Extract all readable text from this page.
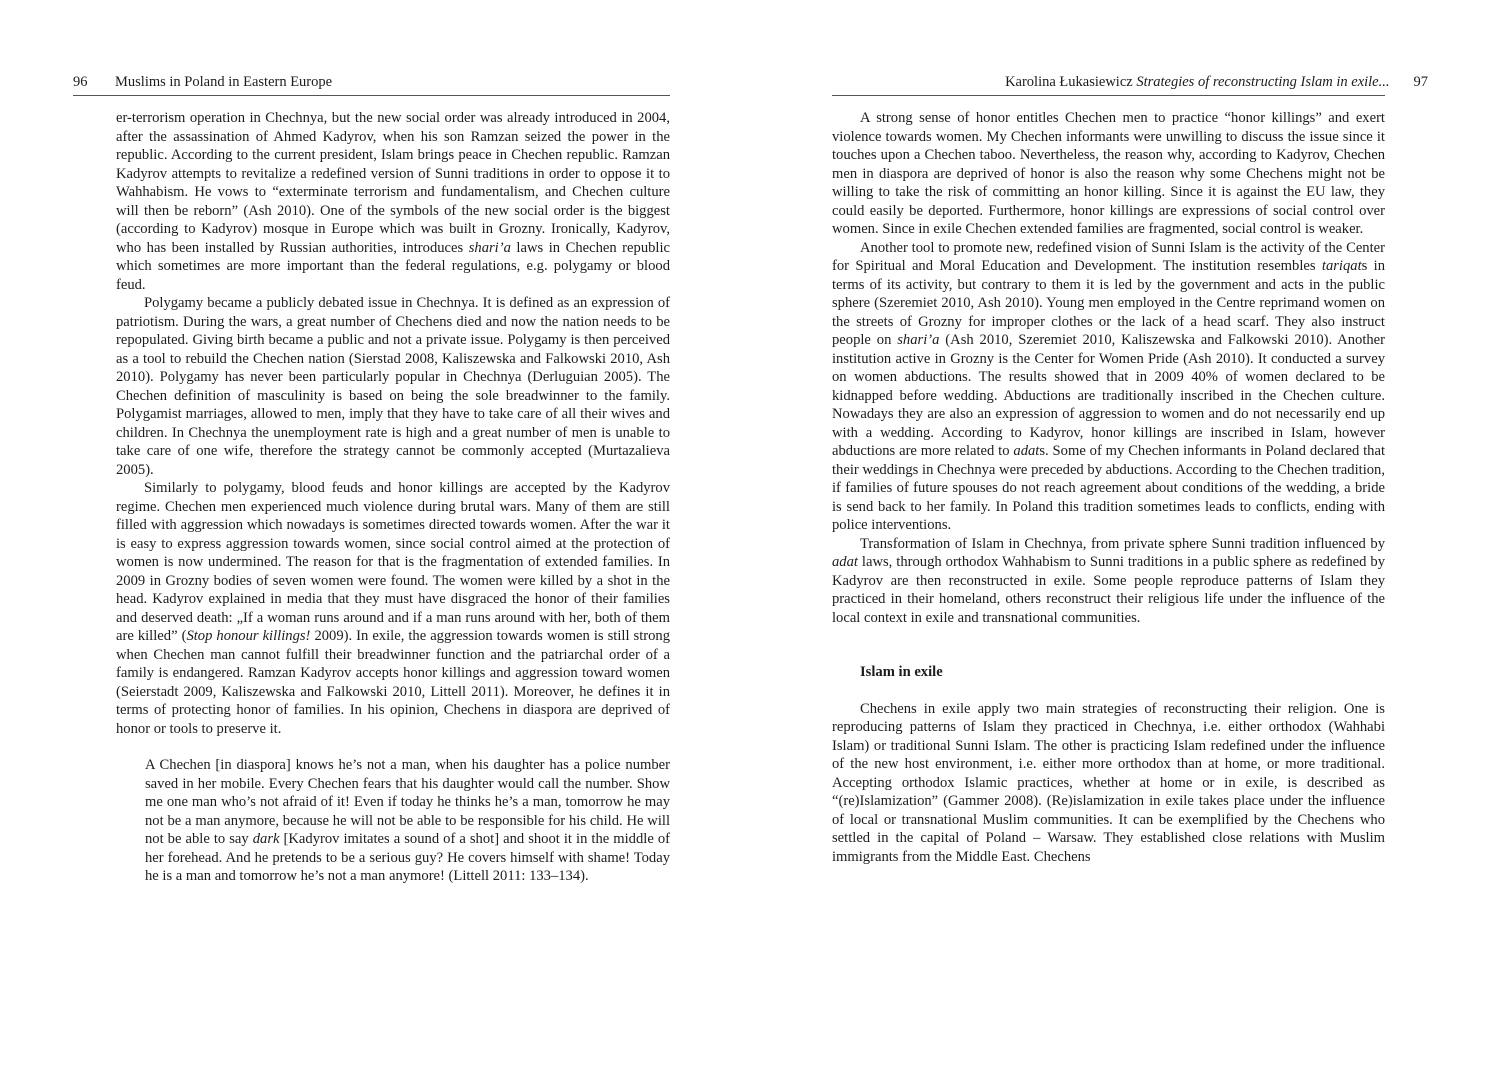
96 Muslims in Poland in Eastern Europe

er-terrorism operation in Chechnya, but the new social order was already introduced in 2004, after the assassination of Ahmed Kadyrov, when his son Ramzan seized the power in the republic. According to the current president, Islam brings peace in Chechen republic. Ramzan Kadyrov attempts to revitalize a redefined version of Sunni traditions in order to oppose it to Wahhabism. He vows to “exterminate terrorism and fundamentalism, and Chechen culture will then be reborn” (Ash 2010). One of the symbols of the new social order is the biggest (according to Kadyrov) mosque in Europe which was built in Grozny. Ironically, Kadyrov, who has been installed by Russian authorities, introduces shari’a laws in Chechen republic which sometimes are more important than the federal regulations, e.g. polygamy or blood feud.

Polygamy became a publicly debated issue in Chechnya. It is defined as an expression of patriotism. During the wars, a great number of Chechens died and now the nation needs to be repopulated. Giving birth became a public and not a private issue. Polygamy is then perceived as a tool to rebuild the Chechen nation (Sierstad 2008, Kaliszewska and Falkowski 2010, Ash 2010). Polygamy has never been particularly popular in Chechnya (Derluguian 2005). The Chechen definition of masculinity is based on being the sole breadwinner to the family. Polygamist marriages, allowed to men, imply that they have to take care of all their wives and children. In Chechnya the unemployment rate is high and a great number of men is unable to take care of one wife, therefore the strategy cannot be commonly accepted (Murtazalieva 2005).

Similarly to polygamy, blood feuds and honor killings are accepted by the Kadyrov regime. Chechen men experienced much violence during brutal wars. Many of them are still filled with aggression which nowadays is sometimes directed towards women. After the war it is easy to express aggression towards women, since social control aimed at the protection of women is now undermined. The reason for that is the fragmentation of extended families. In 2009 in Grozny bodies of seven women were found. The women were killed by a shot in the head. Kadyrov explained in media that they must have disgraced the honor of their families and deserved death: „If a woman runs around and if a man runs around with her, both of them are killed” (Stop honour killings! 2009). In exile, the aggression towards women is still strong when Chechen man cannot fulfill their breadwinner function and the patriarchal order of a family is endangered. Ramzan Kadyrov accepts honor killings and aggression toward women (Seierstadt 2009, Kaliszewska and Falkowski 2010, Littell 2011). Moreover, he defines it in terms of protecting honor of families. In his opinion, Chechens in diaspora are deprived of honor or tools to preserve it.

A Chechen [in diaspora] knows he’s not a man, when his daughter has a police number saved in her mobile. Every Chechen fears that his daughter would call the number. Show me one man who’s not afraid of it! Even if today he thinks he’s a man, tomorrow he may not be a man anymore, because he will not be able to be responsible for his child. He will not be able to say dark [Kadyrov imitates a sound of a shot] and shoot it in the middle of her forehead. And he pretends to be a serious guy? He covers himself with shame! Today he is a man and tomorrow he’s not a man anymore! (Littell 2011: 133–134).

Karolina Łukasiewicz Strategies of reconstructing Islam in exile... 97

A strong sense of honor entitles Chechen men to practice “honor killings” and exert violence towards women. My Chechen informants were unwilling to discuss the issue since it touches upon a Chechen taboo. Nevertheless, the reason why, according to Kadyrov, Chechen men in diaspora are deprived of honor is also the reason why some Chechens might not be willing to take the risk of committing an honor killing. Since it is against the EU law, they could easily be deported. Furthermore, honor killings are expressions of social control over women. Since in exile Chechen extended families are fragmented, social control is weaker.

Another tool to promote new, redefined vision of Sunni Islam is the activity of the Center for Spiritual and Moral Education and Development. The institution resembles tariqats in terms of its activity, but contrary to them it is led by the government and acts in the public sphere (Szeremiet 2010, Ash 2010). Young men employed in the Centre reprimand women on the streets of Grozny for improper clothes or the lack of a head scarf. They also instruct people on shari’a (Ash 2010, Szeremiet 2010, Kaliszewska and Falkowski 2010). Another institution active in Grozny is the Center for Women Pride (Ash 2010). It conducted a survey on women abductions. The results showed that in 2009 40% of women declared to be kidnapped before wedding. Abductions are traditionally inscribed in the Chechen culture. Nowadays they are also an expression of aggression to women and do not necessarily end up with a wedding. According to Kadyrov, honor killings are inscribed in Islam, however abductions are more related to adats. Some of my Chechen informants in Poland declared that their weddings in Chechnya were preceded by abductions. According to the Chechen tradition, if families of future spouses do not reach agreement about conditions of the wedding, a bride is send back to her family. In Poland this tradition sometimes leads to conflicts, ending with police interventions.

Transformation of Islam in Chechnya, from private sphere Sunni tradition influenced by adat laws, through orthodox Wahhabism to Sunni traditions in a public sphere as redefined by Kadyrov are then reconstructed in exile. Some people reproduce patterns of Islam they practiced in their homeland, others reconstruct their religious life under the influence of the local context in exile and transnational communities.

Islam in exile

Chechens in exile apply two main strategies of reconstructing their religion. One is reproducing patterns of Islam they practiced in Chechnya, i.e. either orthodox (Wahhabi Islam) or traditional Sunni Islam. The other is practicing Islam redefined under the influence of the new host environment, i.e. either more orthodox than at home, or more traditional. Accepting orthodox Islamic practices, whether at home or in exile, is described as “(re)Islamization” (Gammer 2008). (Re)islamization in exile takes place under the influence of local or transnational Muslim communities. It can be exemplified by the Chechens who settled in the capital of Poland – Warsaw. They established close relations with Muslim immigrants from the Middle East. Chechens
